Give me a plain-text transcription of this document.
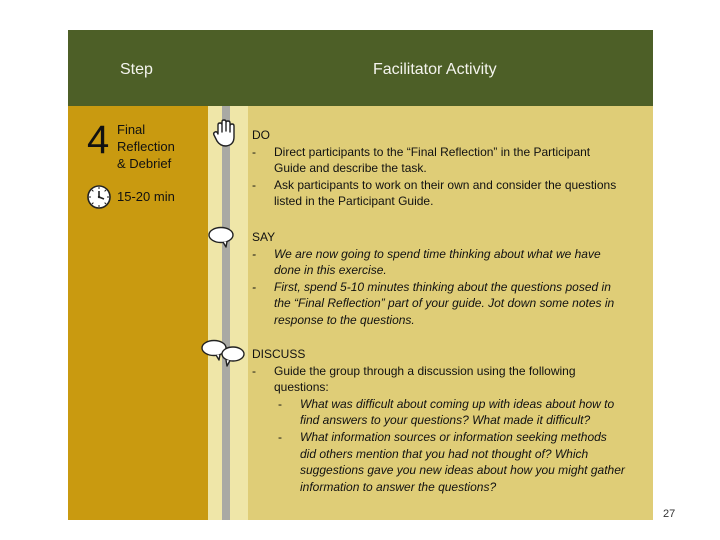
Step	Facilitator Activity
4 Final
Reflection
& Debrief
15-20 min
DO
- Direct participants to the “Final Reflection” in the Participant
Guide and describe the task.
- Ask participants to work on their own and consider the questions
listed in the Participant Guide.
SAY
- We are now going to spend time thinking about what we have
done in this exercise.
- First, spend 5-10 minutes thinking about the questions posed in
the “Final Reflection” part of your guide. Jot down some notes in
response to the questions.
DISCUSS
- Guide the group through a discussion using the following
questions:
- What was difficult about coming up with ideas about how to
find answers to your questions? What made it difficult?
- What information sources or information seeking methods
did others mention that you had not thought of? Which
suggestions gave you new ideas about how you might gather
information to answer the questions?
27
